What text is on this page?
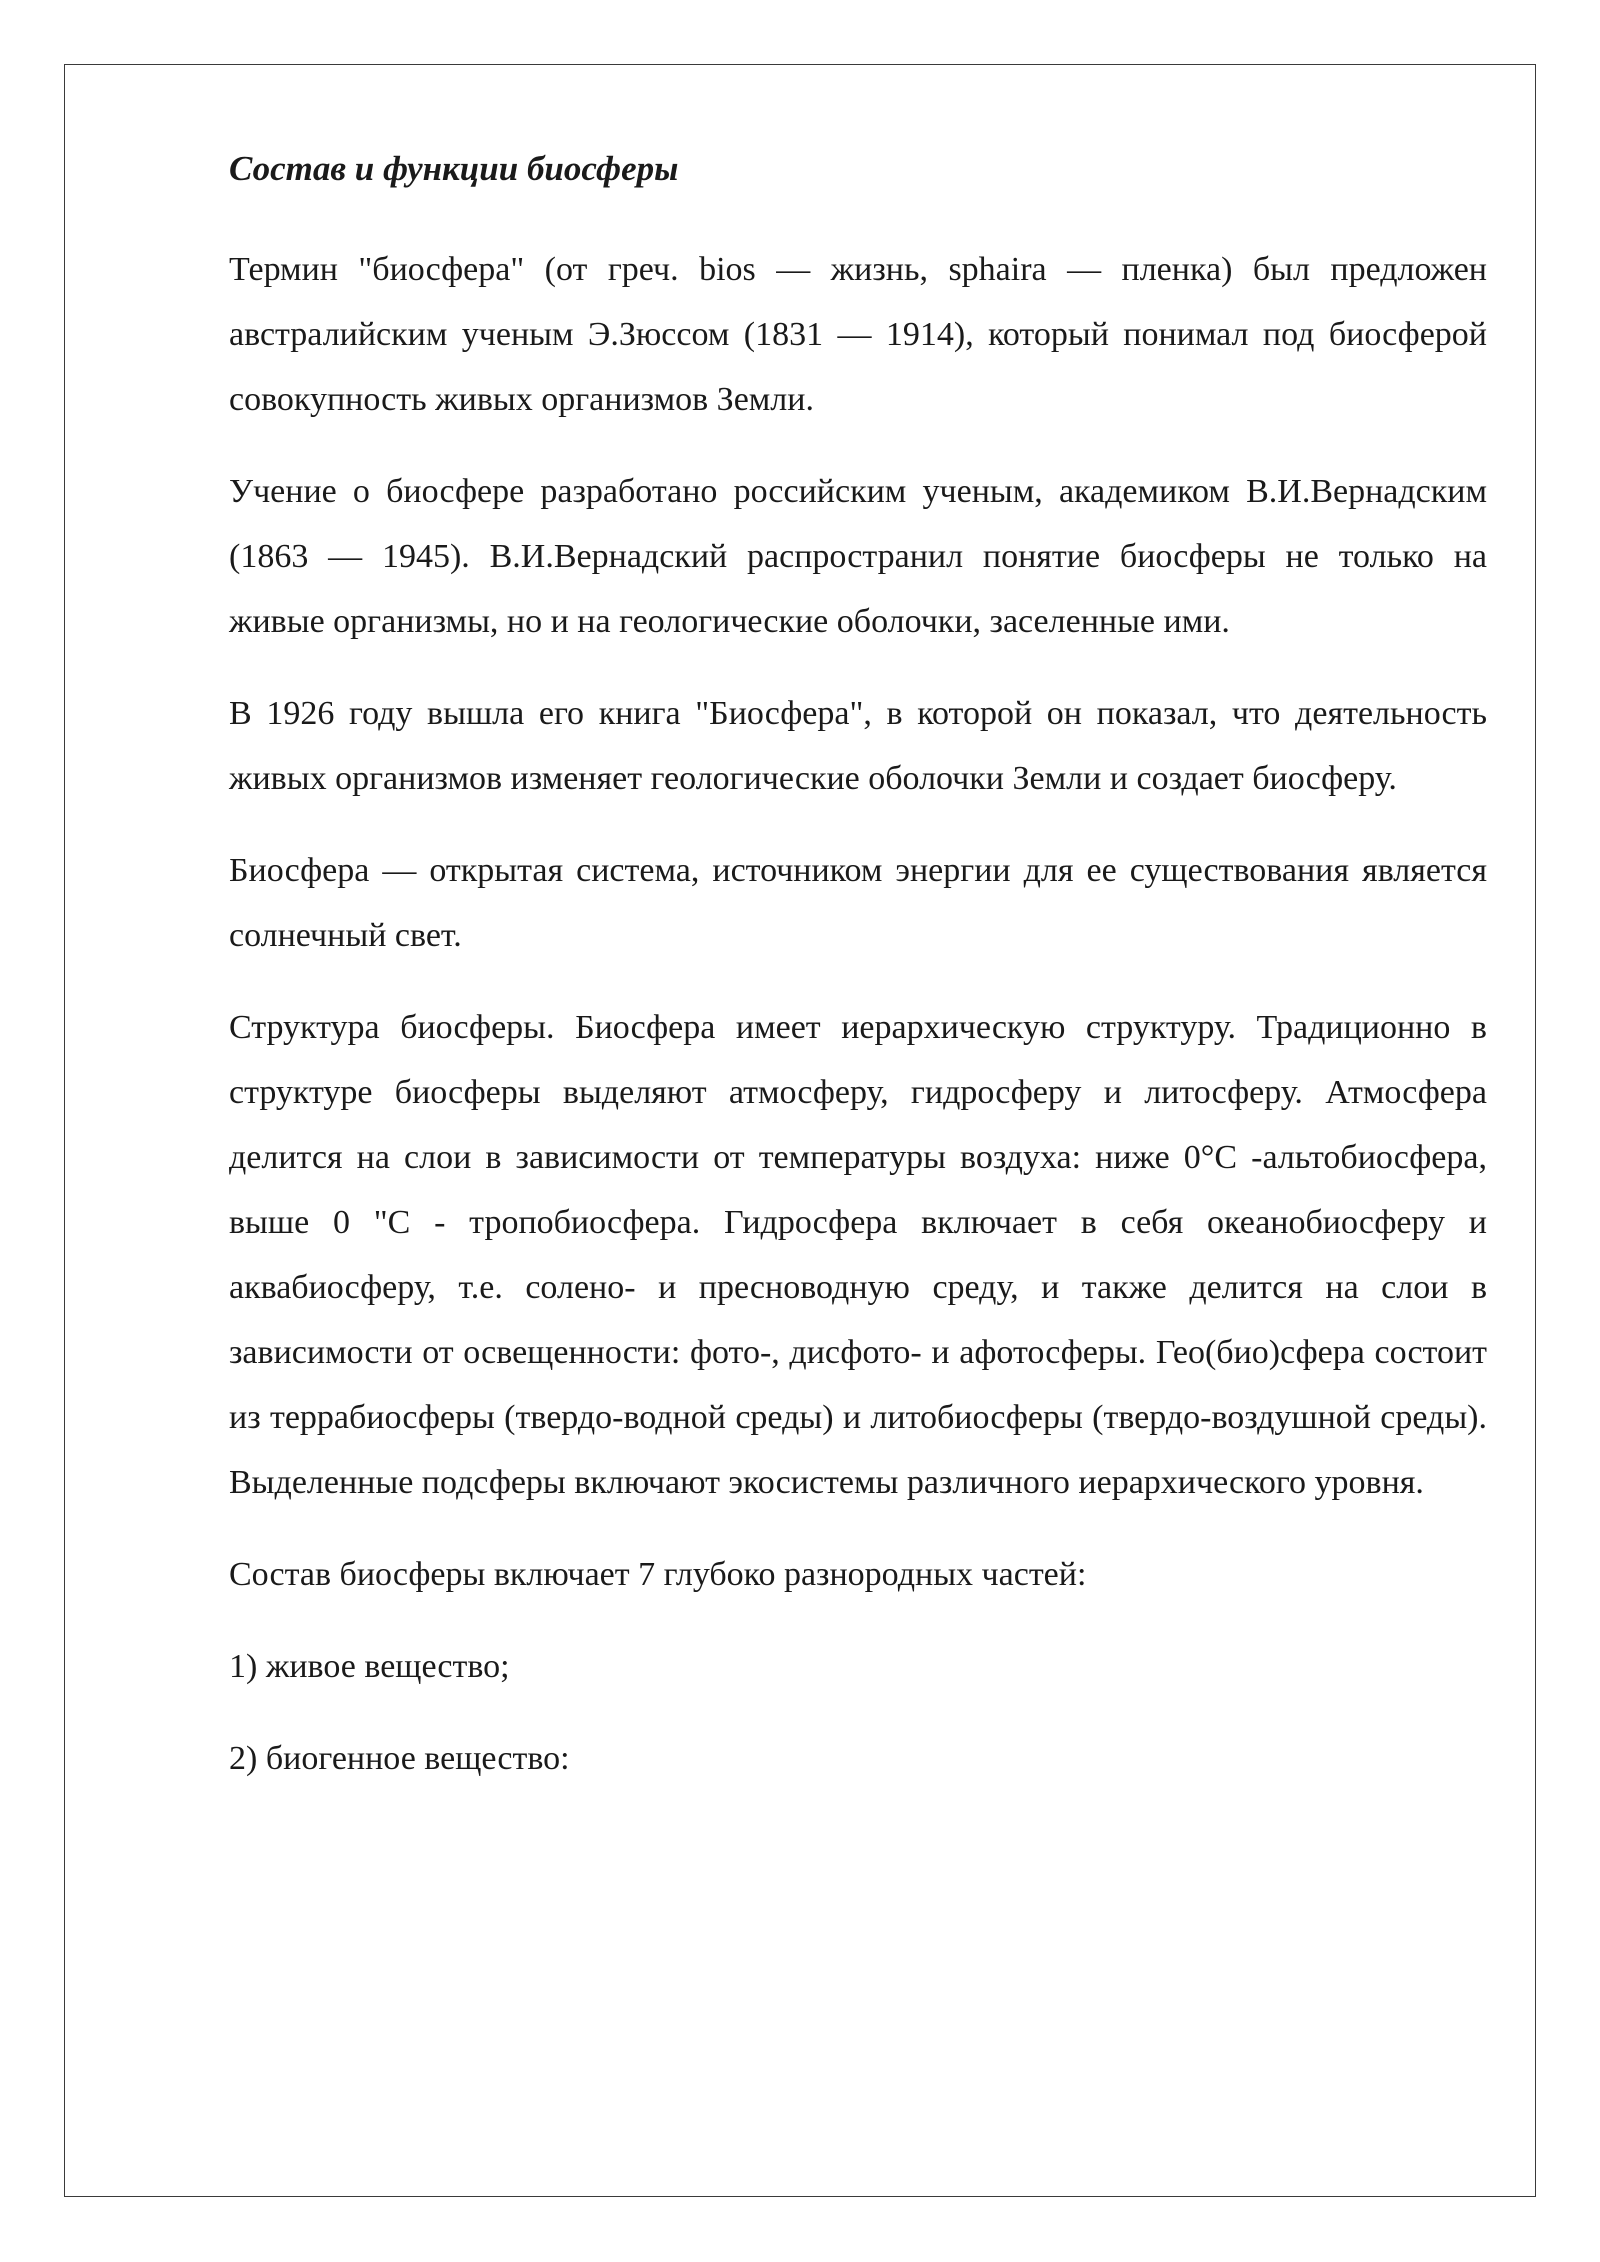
Состав и функции биосферы

Термин "биосфера" (от греч. bios — жизнь, sphaira — пленка) был предложен австралийским ученым Э.Зюссом (1831 — 1914), который понимал под биосферой совокупность живых организмов Земли.

Учение о биосфере разработано российским ученым, академиком В.И.Вернадским (1863 — 1945). В.И.Вернадский распространил понятие биосферы не только на живые организмы, но и на геологические оболочки, заселенные ими.

В 1926 году вышла его книга "Биосфера", в которой он показал, что деятельность живых организмов изменяет геологические оболочки Земли и создает биосферу.

Биосфера — открытая система, источником энергии для ее существования является солнечный свет.

Структура биосферы. Биосфера имеет иерархическую структуру. Традиционно в структуре биосферы выделяют атмосферу, гидросферу и литосферу. Атмосфера делится на слои в зависимости от температуры воздуха: ниже 0°С -альтобиосфера, выше 0 "С - тропобиосфера. Гидросфера включает в себя океанобиосферу и аквабиосферу, т.е. солено- и пресноводную среду, и также делится на слои в зависимости от освещенности: фото-, дисфото- и афотосферы. Гео(био)сфера состоит из террабиосферы (твердо-водной среды) и литобиосферы (твердо-воздушной среды). Выделенные подсферы включают экосистемы различного иерархического уровня.

Состав биосферы включает 7 глубоко разнородных частей:

1) живое вещество;

2) биогенное вещество:
